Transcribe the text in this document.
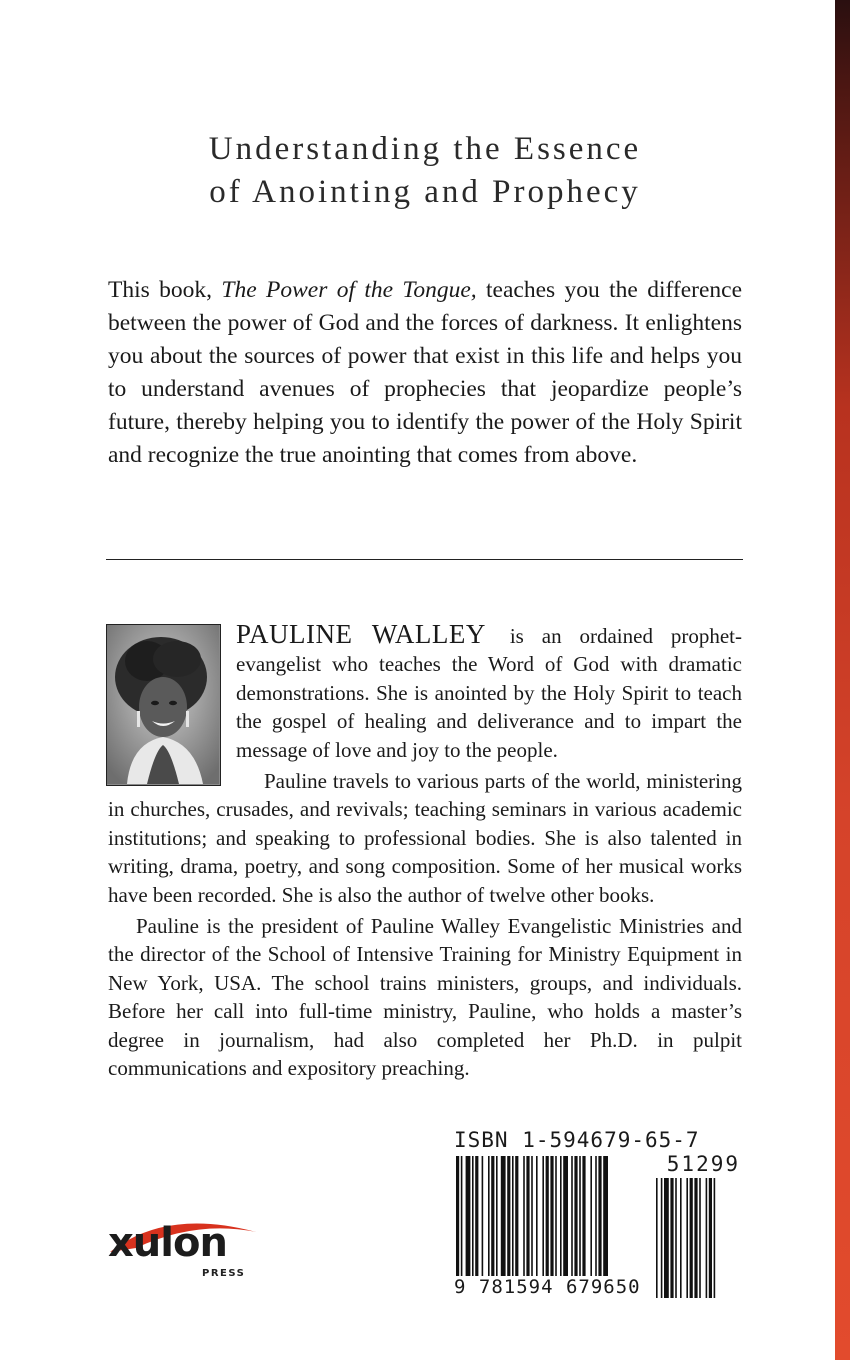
Understanding the Essence
of Anointing and Prophecy

This book, The Power of the Tongue, teaches you the difference between the power of God and the forces of darkness. It enlightens you about the sources of power that exist in this life and helps you to understand avenues of prophecies that jeopardize people’s future, thereby helping you to identify the power of the Holy Spirit and recognize the true anointing that comes from above.

PAULINE WALLEY is an ordained prophet-evangelist who teaches the Word of God with dramatic demonstrations. She is anointed by the Holy Spirit to teach the gospel of healing and deliverance and to impart the message of love and joy to the people.

Pauline travels to various parts of the world, ministering in churches, crusades, and revivals; teaching seminars in various academic institutions; and speaking to professional bodies. She is also talented in writing, drama, poetry, and song composition. Some of her musical works have been recorded. She is also the author of twelve other books.

Pauline is the president of Pauline Walley Evangelistic Ministries and the director of the School of Intensive Training for Ministry Equipment in New York, USA. The school trains ministers, groups, and individuals. Before her call into full-time ministry, Pauline, who holds a master’s degree in journalism, had also completed her Ph.D. in pulpit communications and expository preaching.

ISBN 1-594679-65-7
51299
9 781594 679650
xulon
PRESS
